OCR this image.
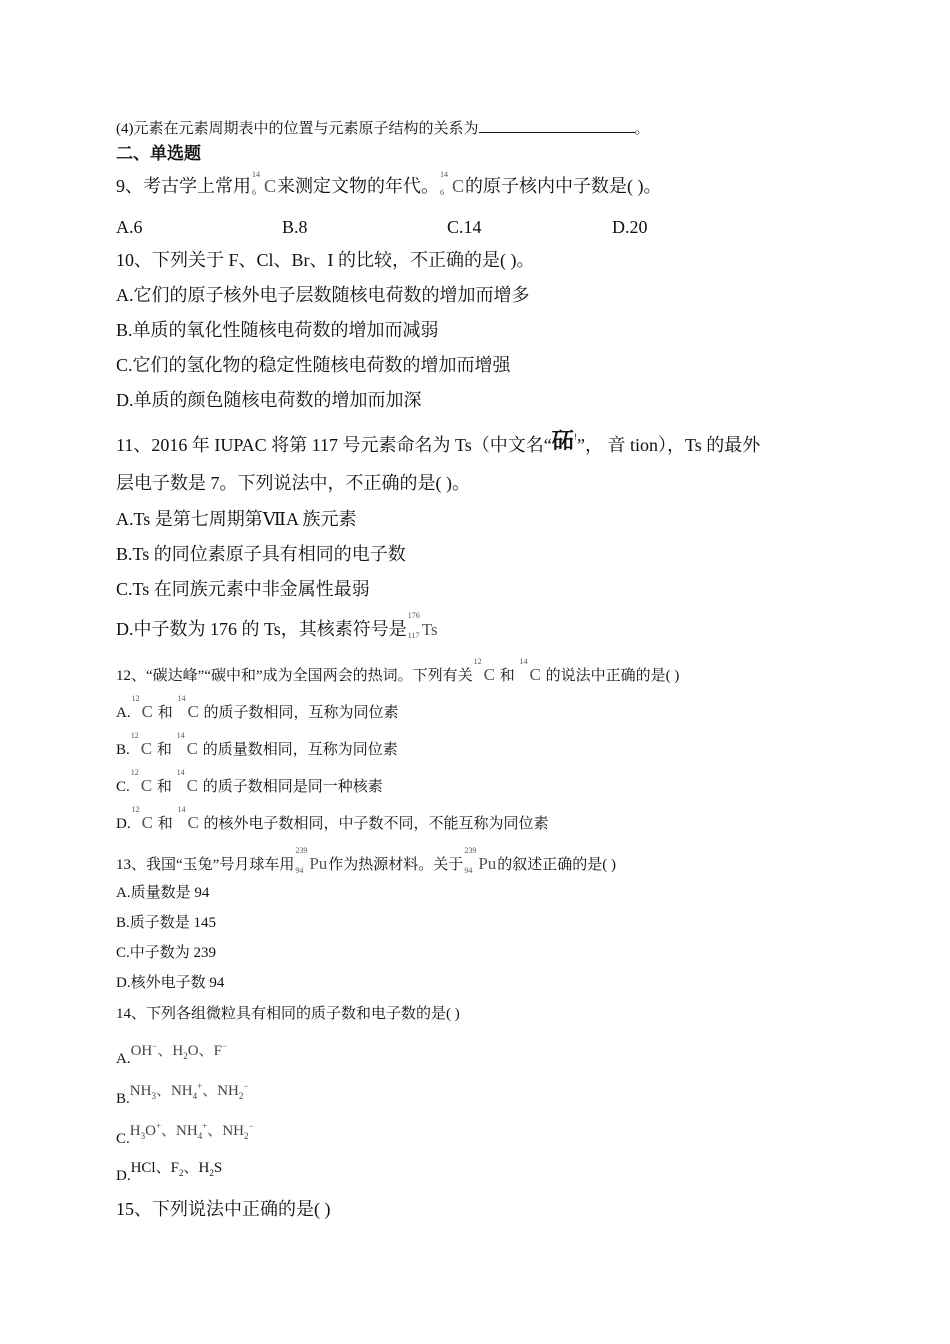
(4)元素在元素周期表中的位置与元素原子结构的关系为	。
二、单选题
9、考古学上常用
14
6 C来测定文物的年代。
14
6 C的原子核内中子数是( )。
A.6	B.8	C.14	D.20
10、下列关于 F、Cl、Br、I 的比较，不正确的是( )。
A.它们的原子核外电子层数随核电荷数的增加而增多
B.单质的氧化性随核电荷数的增加而减弱
C.它们的氢化物的稳定性随核电荷数的增加而增强
D.单质的颜色随核电荷数的增加而加深
11、2016 年 IUPAC 将第 117 号元素命名为 Ts（中文名“砳!”， 音 tion），Ts 的最外
层电子数是 7。下列说法中，不正确的是( )。
A.Ts 是第七周期第ⅦA 族元素
B.Ts 的同位素原子具有相同的电子数
C.Ts 在同族元素中非金属性最弱
D.中子数为 176 的 Ts，其核素符号是
176
117 Ts
12、“碳达峰”“碳中和”成为全国两会的热词。下列有关
12
C 和
14
C 的说法中正确的是( )
A.
12
C 和
14
C 的质子数相同，互称为同位素
B.
12
C 和
14
C 的质量数相同，互称为同位素
C.
12
C 和
14
C 的质子数相同是同一种核素
D.
12
C 和
14
C 的核外电子数相同，中子数不同，不能互称为同位素
13、我国“玉兔”号月球车用
239
94 Pu作为热源材料。关于
239
94 Pu的叙述正确的是( )
A.质量数是 94
B.质子数是 145
C.中子数为 239
D.核外电子数 94
14、下列各组微粒具有相同的质子数和电子数的是( )
A.OH−、$H_2O$、F−
$B.NH_3$、$NH_4^+$、$NH_2^-$
$C.H_3O^+$、$NH_4^+$、$NH_2^-$
D.HCl、$F_2$、$H_2S$
15、下列说法中正确的是( )
